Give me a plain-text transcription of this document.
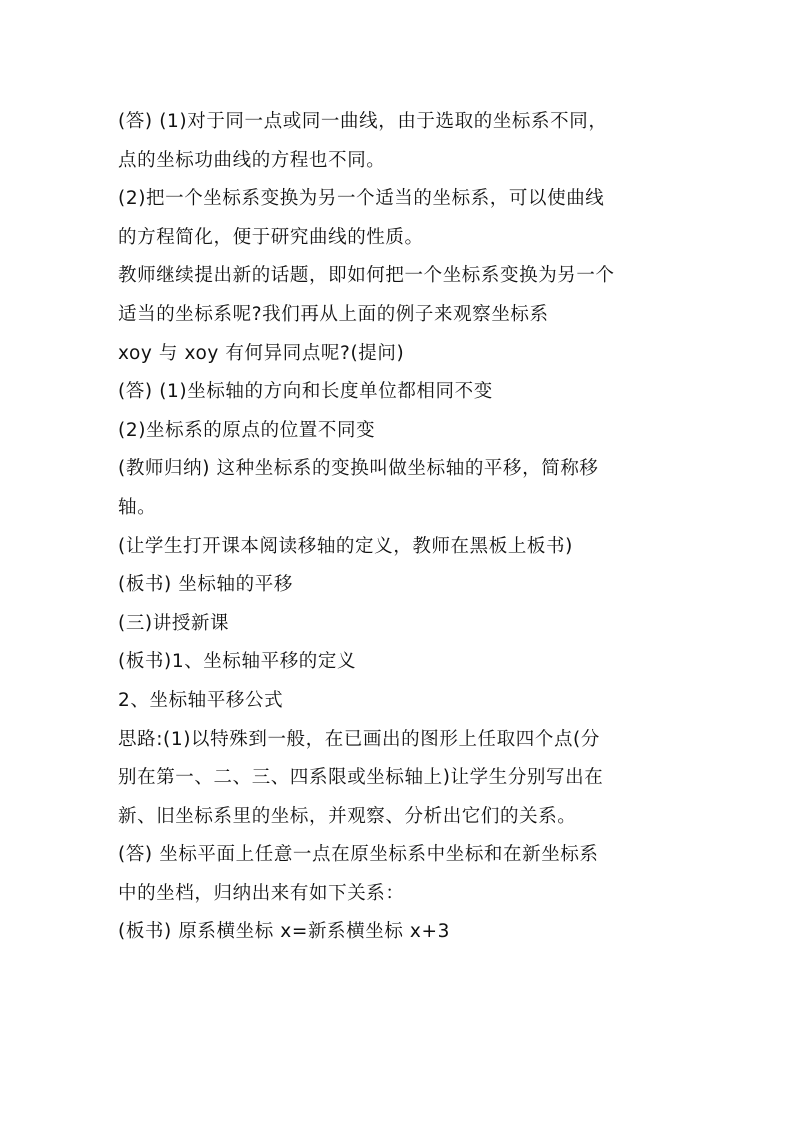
(答) (1)对于同一点或同一曲线，由于选取的坐标系不同，
点的坐标功曲线的方程也不同。
(2)把一个坐标系变换为另一个适当的坐标系，可以使曲线
的方程简化，便于研究曲线的性质。
教师继续提出新的话题，即如何把一个坐标系变换为另一个
适当的坐标系呢?我们再从上面的例子来观察坐标系
xoy 与 xoy 有何异同点呢?(提问)
(答) (1)坐标轴的方向和长度单位都相同不变
(2)坐标系的原点的位置不同变
(教师归纳) 这种坐标系的变换叫做坐标轴的平移，简称移
轴。
(让学生打开课本阅读移轴的定义，教师在黑板上板书)
(板书) 坐标轴的平移
(三)讲授新课
(板书)1、坐标轴平移的定义
2、坐标轴平移公式
思路:(1)以特殊到一般，在已画出的图形上任取四个点(分
别在第一、二、三、四系限或坐标轴上)让学生分别写出在
新、旧坐标系里的坐标，并观察、分析出它们的关系。
(答) 坐标平面上任意一点在原坐标系中坐标和在新坐标系
中的坐档，归纳出来有如下关系：
(板书) 原系横坐标 x=新系横坐标 x+3
